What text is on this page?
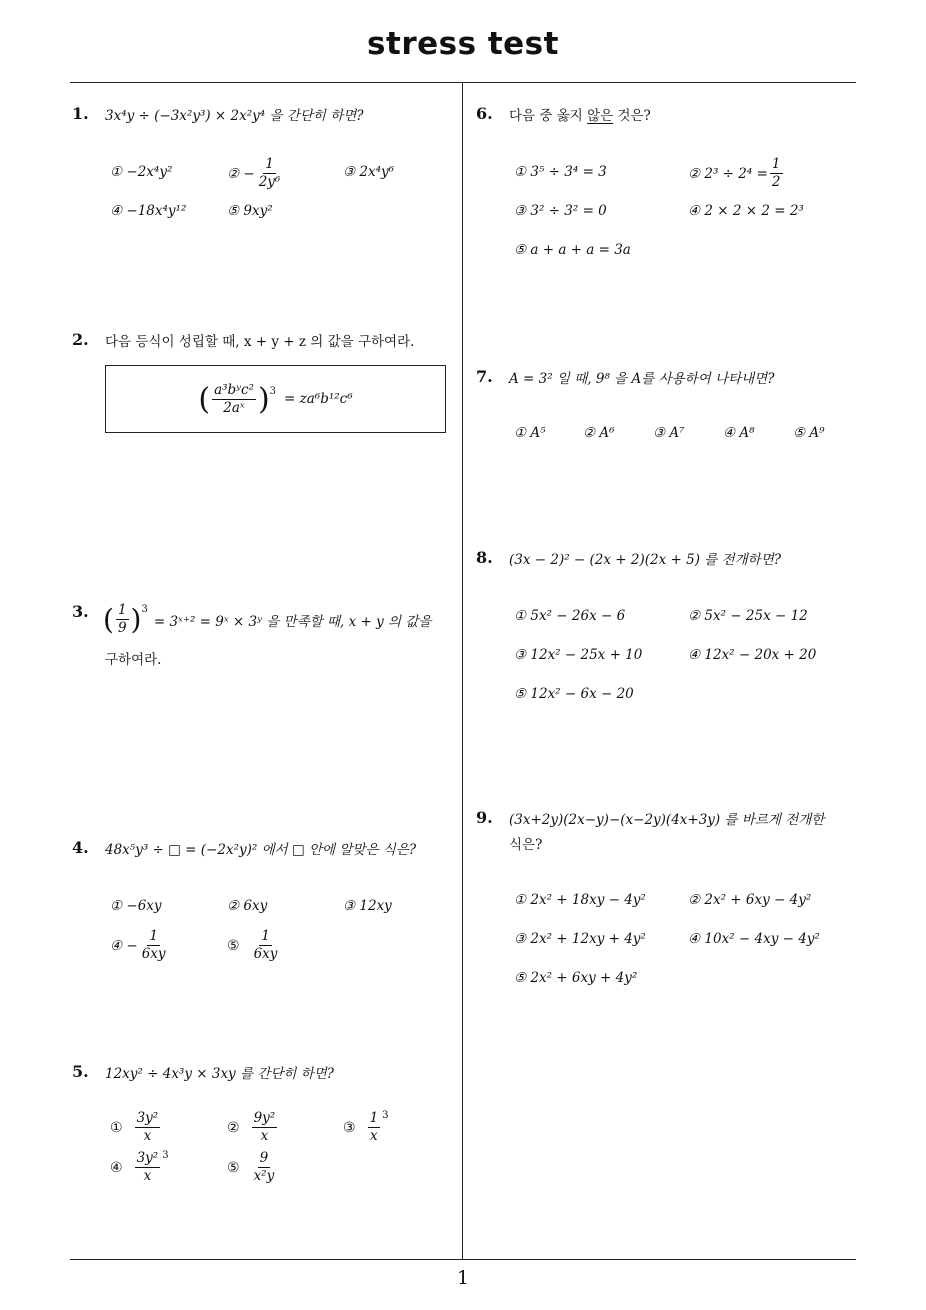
stress test
1
1. 3x⁴y ÷ (−3x²y³) × 2x²y⁴ 을 간단히 하면?
① −2x⁴y²	② − $\frac{1}{\text{2y⁶}}$	③ 2x⁴y⁶
④ −18x⁴y¹²	⑤ 9xy²
2. 다음 등식이 성립할 때, x + y + z 의 값을 구하여라.
( $\frac{\text{a³bʸc²}}{\text{2aˣ}}$ ) 3 = za⁶b¹²c⁶
3. ( $\frac{1}{9}$ ) 3
= 3ˣ⁺² = 9ˣ × 3ʸ 을 만족할 때, x + y 의 값을
구하여라.
4. 48x⁵y³ ÷ □ = (−2x²y)² 에서 □ 안에 알맞은 식은?
① −6xy	② 6xy	③ 12xy
④ − $\frac{1}{6xy}$	⑤ $\frac{1}{6xy}$
5. 12xy² ÷ 4x³y × 3xy 를 간단히 하면?
① $\frac{\text{3y²}}{x}$	② $\frac{\text{9y²}}{x}$	③ $\frac{1}{x} 3$
④ $\frac{\text{3y²}}{x} 3$
⑤ $\frac{9}{\text{x²y}}$
6. 다음 중 옳지 않은 것은?
① 3⁵ ÷ 3⁴ = 3	② $2^3 \div 2^4 = \frac{1}{2}$
③ 3² ÷ 3² = 0	④ 2 × 2 × 2 = 2³
⑤ a + a + a = 3a
7. A = 3² 일 때, 9⁸ 을 A를 사용하여 나타내면?
① A⁵	② A⁶	③ A⁷	④ A⁸	⑤ A⁹
8. (3x − 2)² − (2x + 2)(2x + 5) 를 전개하면?
① 5x² − 26x − 6	② 5x² − 25x − 12
③ 12x² − 25x + 10	④ 12x² − 20x + 20
⑤ 12x² − 6x − 20
9. (3x+2y)(2x−y)−(x−2y)(4x+3y) 를 바르게 전개한
식은?
① 2x² + 18xy − 4y²	② 2x² + 6xy − 4y²
③ 2x² + 12xy + 4y²	④ 10x² − 4xy − 4y²
⑤ 2x² + 6xy + 4y²
